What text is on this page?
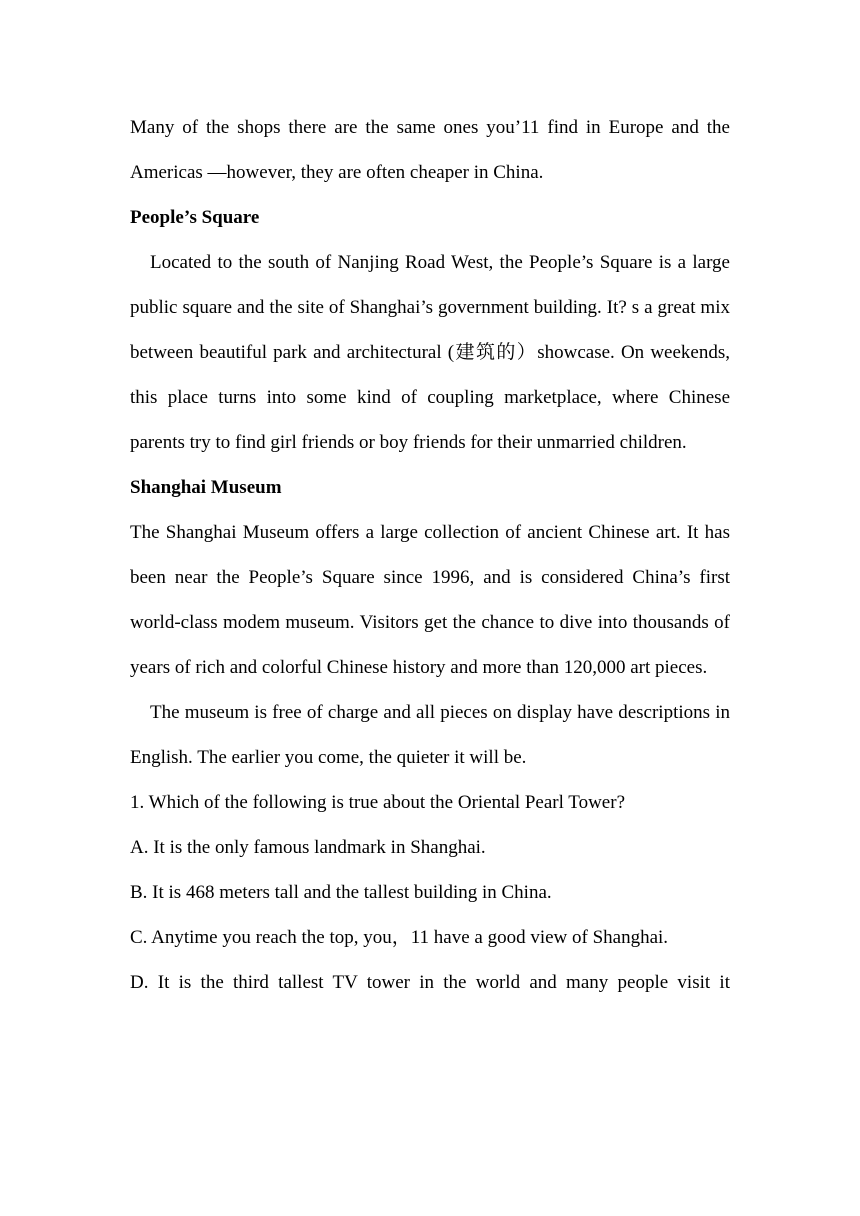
Many of the shops there are the same ones you’11 find in Europe and the Americas —however, they are often cheaper in China.

People’s Square

Located to the south of Nanjing Road West, the People’s Square is a large public square and the site of Shanghai’s government building. It? s a great mix between beautiful park and architectural (建筑的）showcase. On weekends, this place turns into some kind of coupling marketplace, where Chinese parents try to find girl friends or boy friends for their unmarried children.

Shanghai Museum

The Shanghai Museum offers a large collection of ancient Chinese art. It has been near the People’s Square since 1996, and is considered China’s first world-class modem museum. Visitors get the chance to dive into thousands of years of rich and colorful Chinese history and more than 120,000 art pieces.

The museum is free of charge and all pieces on display have descriptions in English. The earlier you come, the quieter it will be.

1. Which of the following is true about the Oriental Pearl Tower?

A. It is the only famous landmark in Shanghai.

B. It is 468 meters tall and the tallest building in China.

C. Anytime you reach the top, you，11 have a good view of Shanghai.

D. It is the third tallest TV tower in the world and many people visit it
